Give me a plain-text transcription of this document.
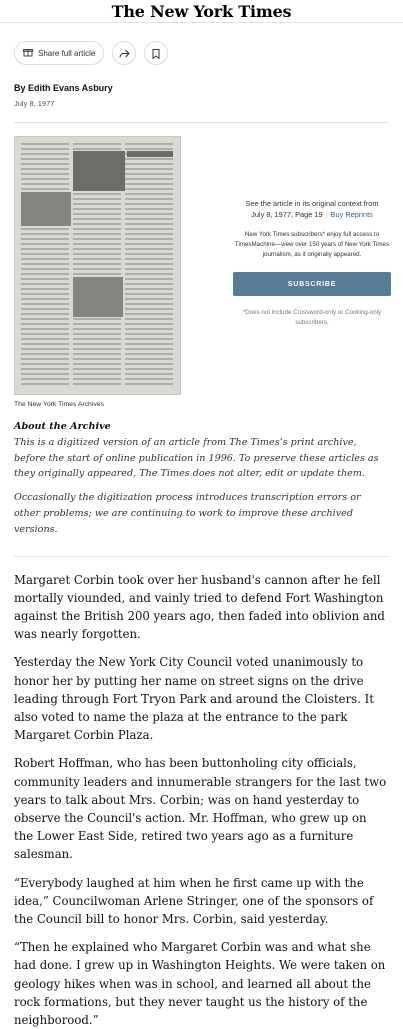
The New York Times
Share full article
By Edith Evans Asbury
July 8, 1977
The New York Times Archives
See the article in its original context from
July 8, 1977, Page 19 | Buy Reprints
New York Times subscribers* enjoy full access to TimesMachine—view over 150 years of New York Times journalism, as it originally appeared.
SUBSCRIBE
*Does not include Crossword-only or Cooking-only subscribers.

About the Archive
This is a digitized version of an article from The Times’s print archive, before the start of online publication in 1996. To preserve these articles as they originally appeared, The Times does not alter, edit or update them.

Occasionally the digitization process introduces transcription errors or other problems; we are continuing to work to improve these archived versions.

Margaret Corbin took over her husband's cannon after he fell mortally viounded, and vainly tried to defend Fort Washington against the British 200 years ago, then faded into oblivion and was nearly forgotten.

Yesterday the New York City Council voted unanimously to honor her by putting her name on street signs on the drive leading through Fort Tryon Park and around the Cloisters. It also voted to name the plaza at the entrance to the park Margaret Corbin Plaza.

Robert Hoffman, who has been buttonholing city officials, community leaders and innumerable strangers for the last two years to talk about Mrs. Corbin; was on hand yesterday to observe the Council's action. Mr. Hoffman, who grew up on the Lower East Side, retired two years ago as a furniture salesman.

“Everybody laughed at him when he first came up with the idea,” Councilwoman Arlene Stringer, one of the sponsors of the Council bill to honor Mrs. Corbin, said yesterday.

“Then he explained who Margaret Corbin was and what she had done. I grew up in Washington Heights. We were taken on geology hikes when was in school, and learned all about the rock formations, but they never taught us the history of the neighborood.”
